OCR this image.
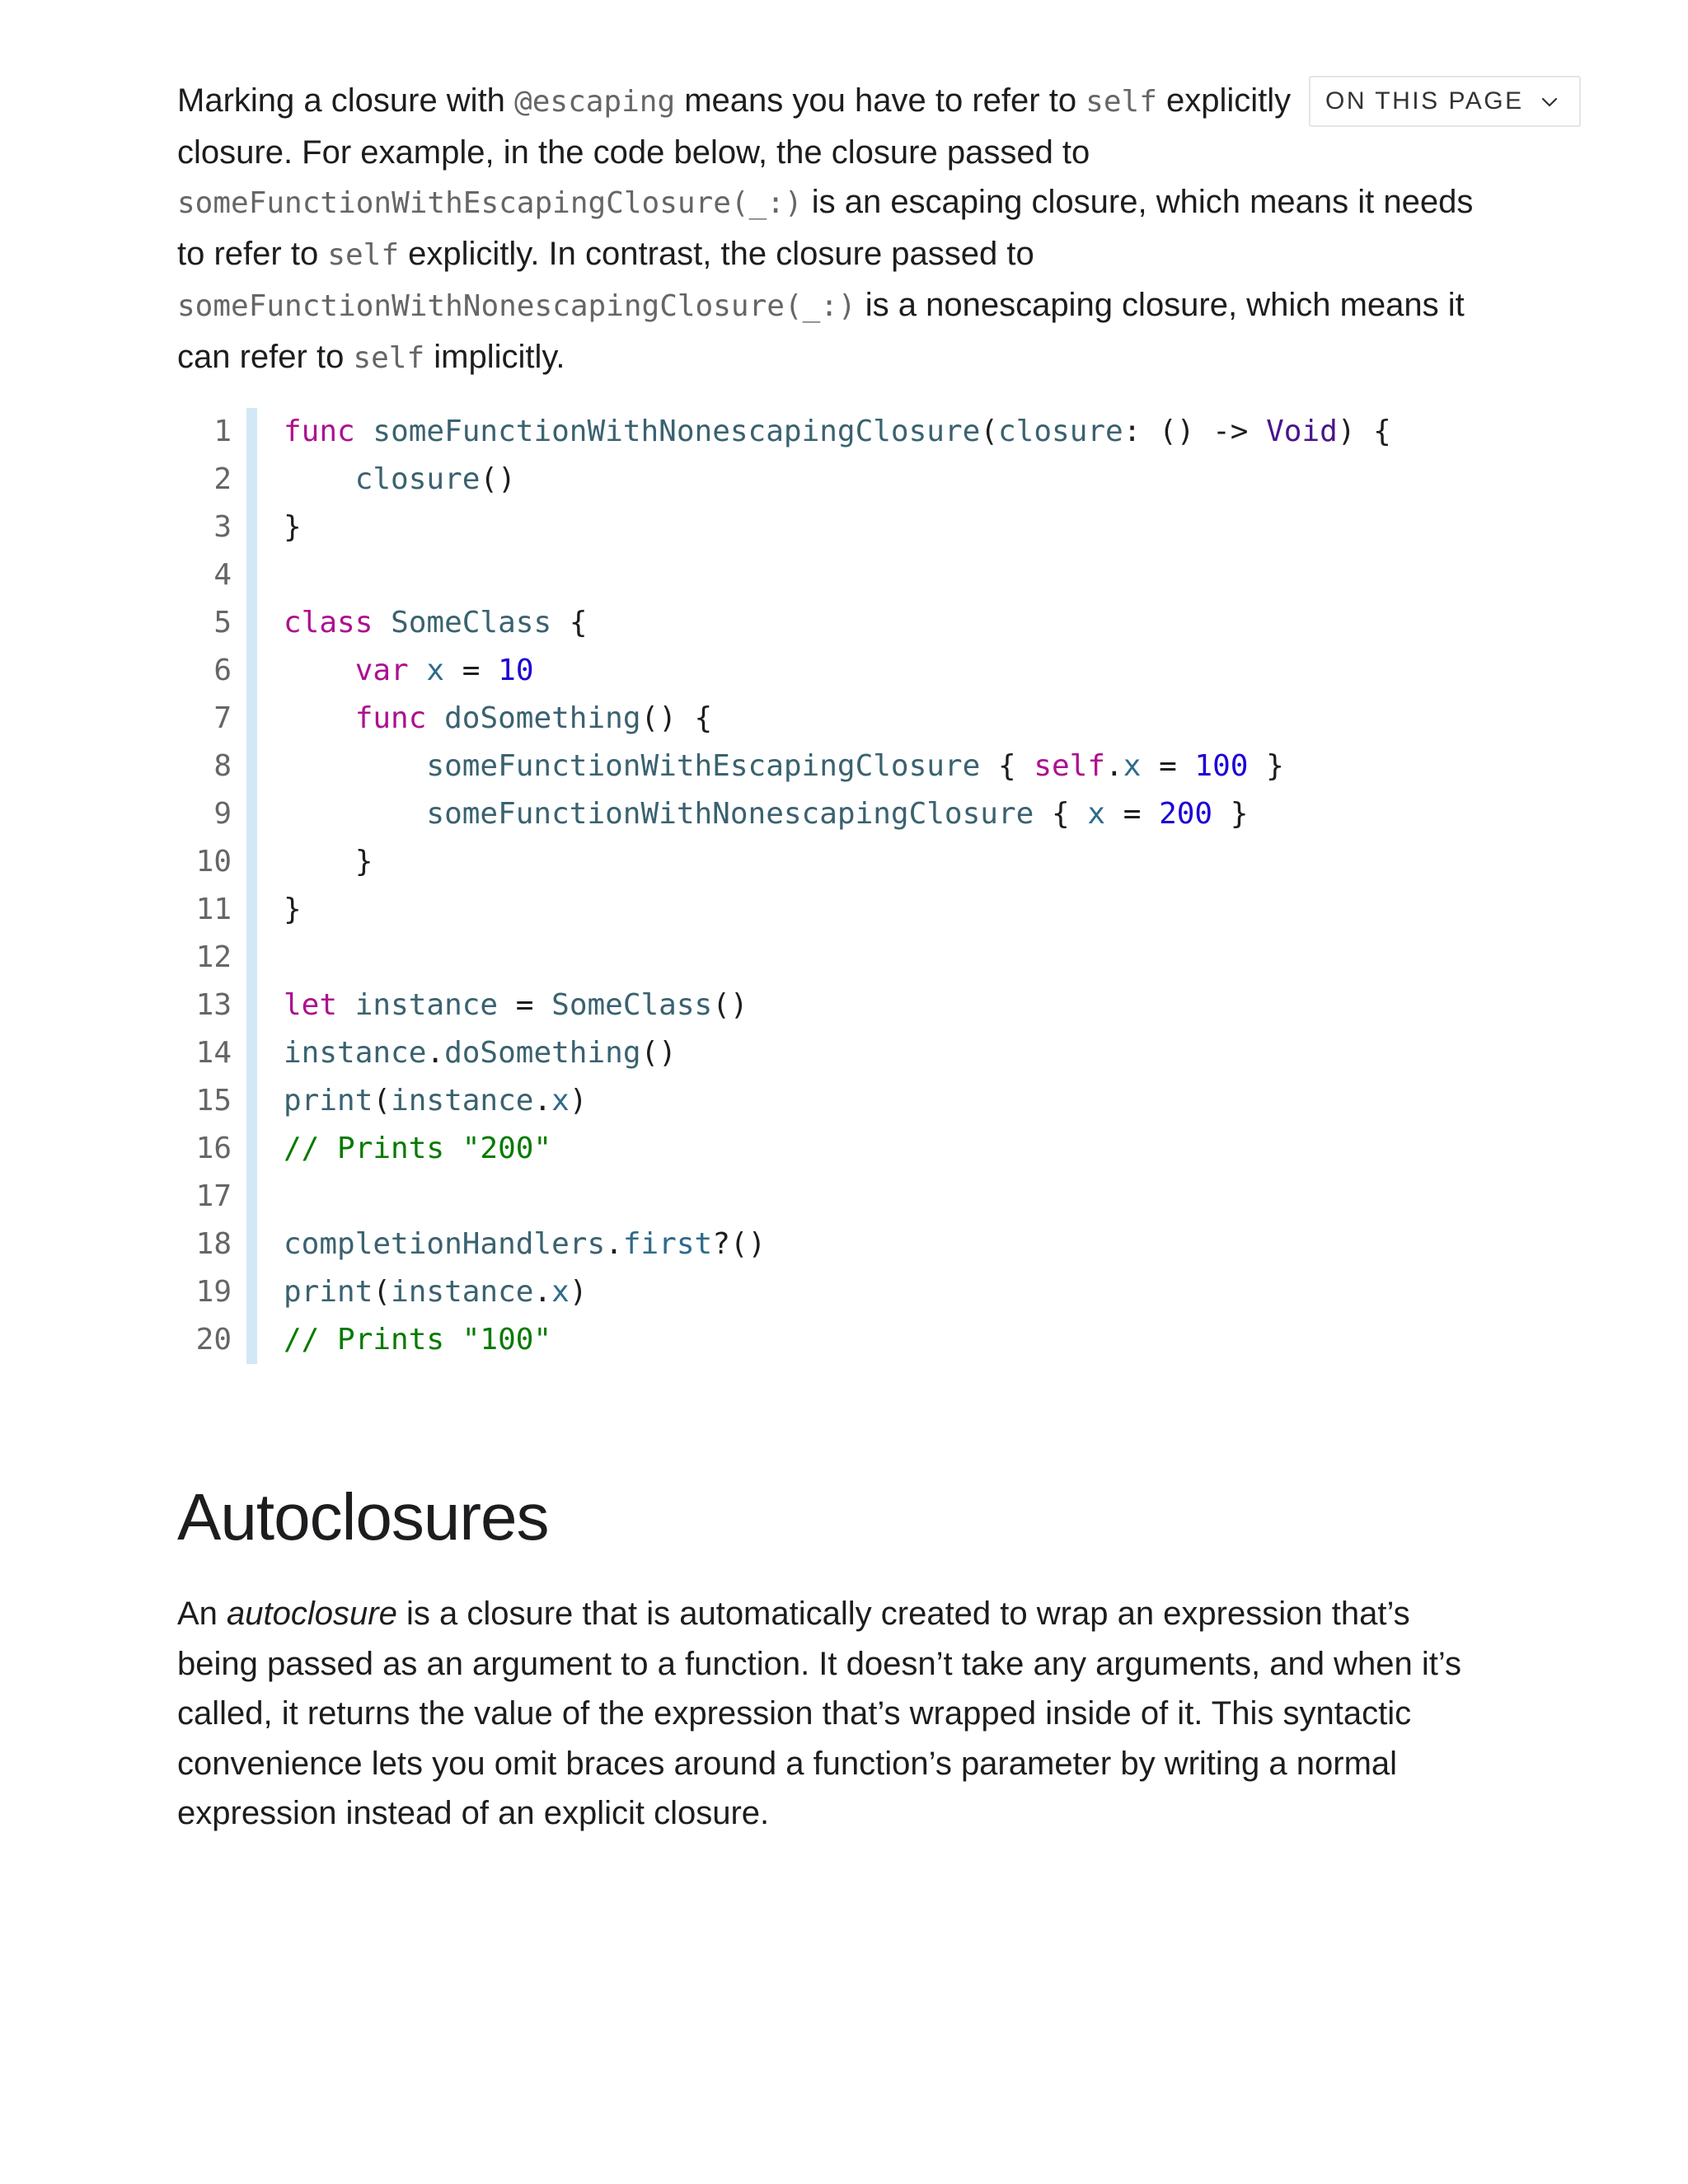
Marking a closure with @escaping means you have to refer to self explicitly

closure. For example, in the code below, the closure passed to

someFunctionWithEscapingClosure(_:) is an escaping closure, which means it needs

to refer to self explicitly. In contrast, the closure passed to

someFunctionWithNonescapingClosure(_:) is a nonescaping closure, which means it

can refer to self implicitly.

ON THIS PAGE
1	func someFunctionWithNonescapingClosure(closure: () -> Void) {
2	closure()
3	}
4
5	class SomeClass {
6	var x = 10
7	func doSomething() {
8	someFunctionWithEscapingClosure { self.x = 100 }
9	someFunctionWithNonescapingClosure { x = 200 }
10	}
11	}
12
13	let instance = SomeClass()
14	instance.doSomething()
15	print(instance.x)
16	// Prints "200"
17
18	completionHandlers.first?()
19	print(instance.x)
20	// Prints "100"
Autoclosures

An autoclosure is a closure that is automatically created to wrap an expression that’s

being passed as an argument to a function. It doesn’t take any arguments, and when it’s

called, it returns the value of the expression that’s wrapped inside of it. This syntactic

convenience lets you omit braces around a function’s parameter by writing a normal

expression instead of an explicit closure.
